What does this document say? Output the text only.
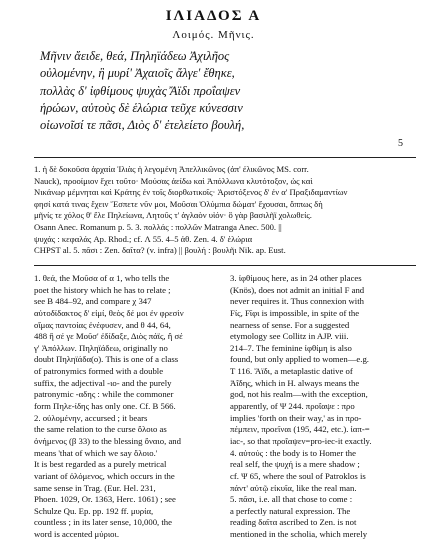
ΙΛΙΑΔΟΣ Α
Λοιμός. Μῆνις.
Μῆνιν ἄειδε, θεά, Πηληϊάδεω Ἀχιλῆος
οὐλομένην, ἣ μυρί' Ἀχαιοῖς ἄλγε' ἔθηκε,
πολλὰς δ' ἰφθίμους ψυχὰς Ἄϊδι προΐαψεν
ἡρώων, αὐτοὺς δὲ ἑλώρια τεῦχε κύνεσσιν
οἰωνοῖσί τε πᾶσι, Διὸς δ' ἐτελείετο βουλή,
5
1. ἡ δὲ δοκοῦσα ἀρχαία Ἰλιὰς ἡ λεγομένη Ἀπελλικῶνος (ἀπ' ἐλικῶνος MS. corr.
Nauck), προοίμιον ἔχει τοῦτο· Μούσας ἀείδω καὶ Ἀπόλλωνα κλυτότοξον, ὡς καὶ
Νικάνωρ μέμνηται καὶ Κράτης ἐν τοῖς διορθωτικοῖς· Ἀριστόξενος δ' ἐν α' Πραξιδαμαντίων
φησί κατά τινας ἔχειν Ἔσπετε νῦν μοι, Μοῦσαι Ὀλύμπια δώματ' ἔχουσαι, ὅππως δὴ
μῆνίς τε χόλος θ' ἔλε Πηλείωνα, Λητοῦς τ' ἀγλαὸν υἱόν· ὃ γὰρ βασιλῆϊ χολωθείς.
Osann Anec. Romanum p. 5. 3. πολλάς : πολλῶν Matranga Anec. 500. ||
ψυχάς : κεφαλάς Ap. Rhod.; cf. Λ 55. 4–5 ἀθ. Zen. 4. δ' ἑλώρια
CHPST al. 5. πᾶσι : Zen. δαῖτα? (v. infra) || βουλή : βουλῆι Nik. ap. Eust.
1. θεά, the Μοῦσα of α 1, who tells the
poet the history which he has to relate ;
see B 484–92, and compare χ 347
αὐτοδίδακτος δ' εἰμί, θεὸς δέ μοι ἐν φρεσὶν
οἴμας παντοίας ἐνέφυσεν, and θ 44, 64,
488 ἢ σέ γε Μοῦσ' ἐδίδαξε, Διὸς πάϊς, ἢ σέ
γ' Ἀπόλλων. Πηληϊάδεω, originally no
doubt Πηληϊάδα(ο). This is one of a class
of patronymics formed with a double
suffix, the adjectival -ιο- and the purely
patronymic -αδης : while the commoner
form Πηλε-ίδης has only one. Cf. B 566.
2. οὐλομένην, accursed ; it bears
the same relation to the curse ὄλοιο as
ὀνήμενος (β 33) to the blessing ὄναιο, and
means 'that of which we say ὄλοιο.'
It is best regarded as a purely metrical
variant of ὀλόμενος, which occurs in the
same sense in Trag. (Eur. Hel. 231,
Phoen. 1029, Or. 1363, Herc. 1061) ; see
Schulze Qu. Ep. pp. 192 ff. μυρία,
countless ; in its later sense, 10,000, the
word is accented μύριοι.
3. ἰφθίμους here, as in 24 other places
(Knös), does not admit an initial F and
never requires it. Thus connexion with
Fίς, Fῖφι is impossible, in spite of the
nearness of sense. For a suggested
etymology see Collitz in AJP. viii.
214–7. The feminine ἰφθίμη is also
found, but only applied to women—e.g.
T 116. Ἄϊδι, a metaplastic dative of
Ἀΐδης, which in H. always means the
god, not his realm—with the exception,
apparently, of Ψ 244. προΐαψε : προ
implies 'forth on their way,' as in προ-
πέμπειν, προεῖναι (195, 442, etc.). ἰαπ-=
iac-, so that προΐαψεν=pro-iec-it exactly.
4. αὐτούς : the body is to Homer the
real self, the ψυχή is a mere shadow ;
cf. Ψ 65, where the soul of Patroklos is
πάντ' αὐτῷ εἰκυῖα, like the real man.
5. πᾶσι, i.e. all that chose to come :
a perfectly natural expression. The
reading δαῖτα ascribed to Zen. is not
mentioned in the scholia, which merely
